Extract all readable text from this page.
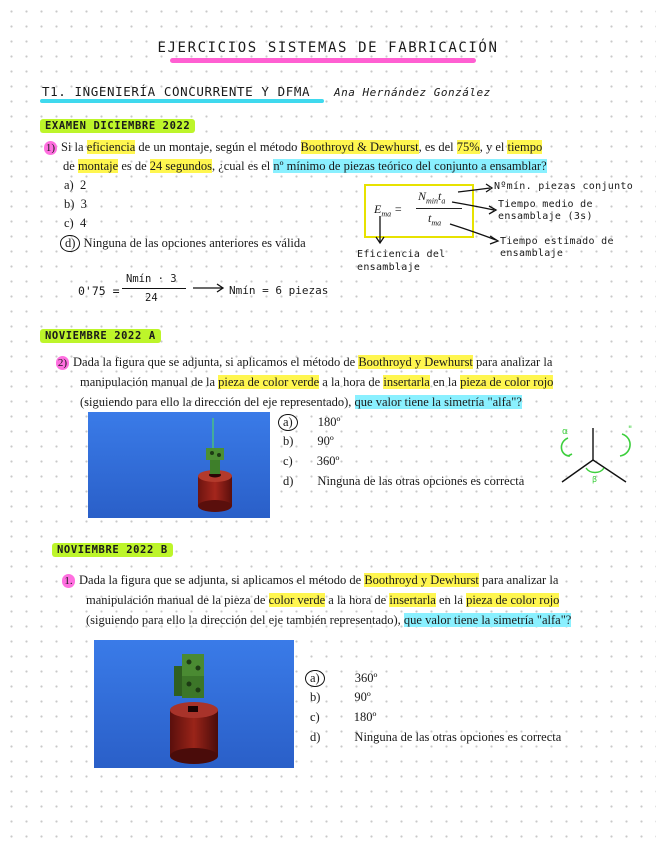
EJERCICIOS SISTEMAS DE FABRICACIÓN
T1. INGENIERÍA CONCURRENTE Y DFMA Ana Hernández González
EXAMEN DICIEMBRE 2022
1) Si la eficiencia de un montaje, según el método Boothroyd & Dewhurst, es del 75%, y el tiempo
de montaje es de 24 segundos, ¿cual es el nº mínimo de piezas teórico del conjunto a ensamblar?
a) 2
b) 3
c) 4
d) Ninguna de las opciones anteriores es válida
$E_{ma}$ =
$N_{min}t_a$
$t_{ma}$
Nºmín. piezas conjunto
Tiempo medio de
ensamblaje (3s)
Tiempo estimado de
ensamblaje
Eficiencia del
ensamblaje
0'75 =
Nmín · 3
24
Nmín = 6 piezas
NOVIEMBRE 2022 A
2) Dada la figura que se adjunta, si aplicamos el método de Boothroyd y Dewhurst para analizar la
manipulación manual de la pieza de color verde a la hora de insertarla en la pieza de color rojo
(siguiendo para ello la dirección del eje representado), que valor tiene la simetría "alfa"?
a) 180º
b) 90º
c) 360º
d) Ninguna de las otras opciones es correcta
α	"
β
NOVIEMBRE 2022 B
1. Dada la figura que se adjunta, si aplicamos el método de Boothroyd y Dewhurst para analizar la
manipulación manual de la pieza de color verde a la hora de insertarla en la pieza de color rojo
(siguiendo para ello la dirección del eje también representado), que valor tiene la simetría "alfa"?
a)	360º
b)	90º
c)	180º
d)	Ninguna de las otras opciones es correcta
